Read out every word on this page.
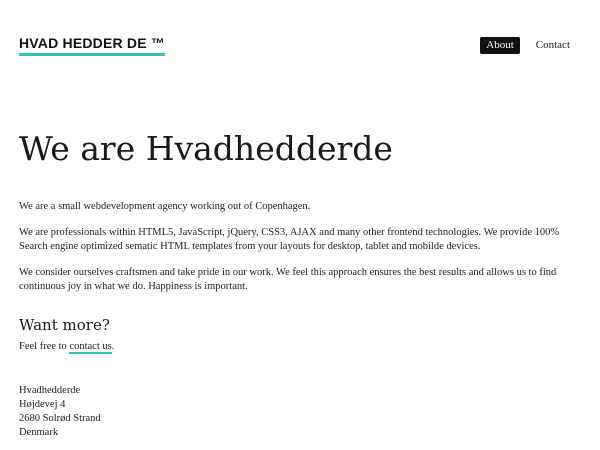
HVAD HEDDER DE ™	About	Contact
We are Hvadhedderde

We are a small webdevelopment agency working out of Copenhagen.

We are professionals within HTML5, JavaScript, jQuery, CSS3, AJAX and many other frontend technologies. We provide 100% Search engine optimized sematic HTML templates from your layouts for desktop, tablet and mobilde devices.

We consider ourselves craftsmen and take pride in our work. We feel this approach ensures the best results and allows us to find continuous joy in what we do. Happiness is important.

Want more?

Feel free to contact us.

Hvadhedderde
Højdevej 4
2680 Solrød Strand
Denmark
